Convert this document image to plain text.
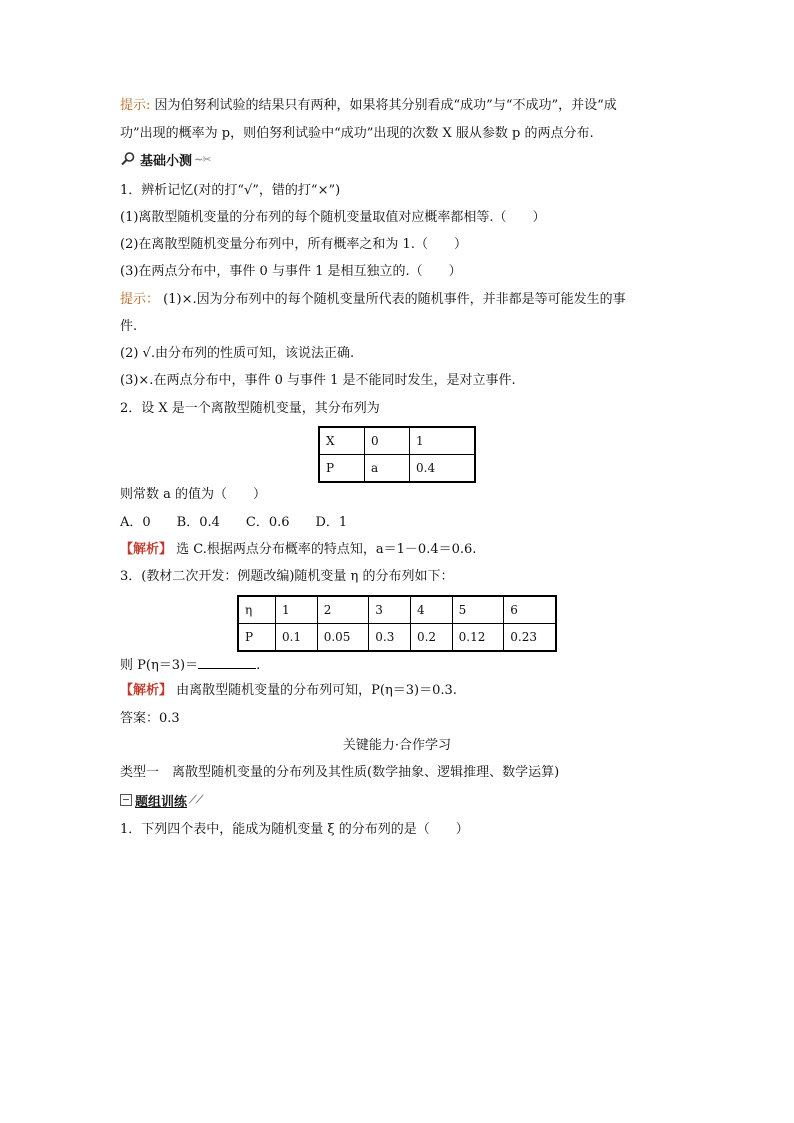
提示: 因为伯努利试验的结果只有两种，如果将其分别看成“成功”与“不成功”，并设“成
功”出现的概率为 p，则伯努利试验中“成功”出现的次数 X 服从参数 p 的两点分布.
基础小测 ~✂
1．辨析记忆(对的打“√”，错的打“×”)
(1)离散型随机变量的分布列的每个随机变量取值对应概率都相等.（　　）
(2)在离散型随机变量分布列中，所有概率之和为 1.（　　）
(3)在两点分布中，事件 0 与事件 1 是相互独立的.（　　）
提示： (1)×.因为分布列中的每个随机变量所代表的随机事件，并非都是等可能发生的事
件.
(2) √.由分布列的性质可知，该说法正确.
(3)×.在两点分布中，事件 0 与事件 1 是不能同时发生，是对立事件.
2．设 X 是一个离散型随机变量，其分布列为
X	0	1
P	a	0.4
则常数 a 的值为（　　）
A．0　　B．0.4　　C．0.6　　D．1
【解析】 选 C.根据两点分布概率的特点知，a＝1－0.4＝0.6.
3．(教材二次开发：例题改编)随机变量 η 的分布列如下：
η	1	2	3	4	5	6
P	0.1	0.05	0.3	0.2	0.12	0.23
则 P(η＝3)＝	.
【解析】 由离散型随机变量的分布列可知，P(η＝3)＝0.3.
答案：0.3
关键能力·合作学习
类型一　离散型随机变量的分布列及其性质(数学抽象、逻辑推理、数学运算)
题组训练 ⟋⟋
1．下列四个表中，能成为随机变量 ξ 的分布列的是（　　）
